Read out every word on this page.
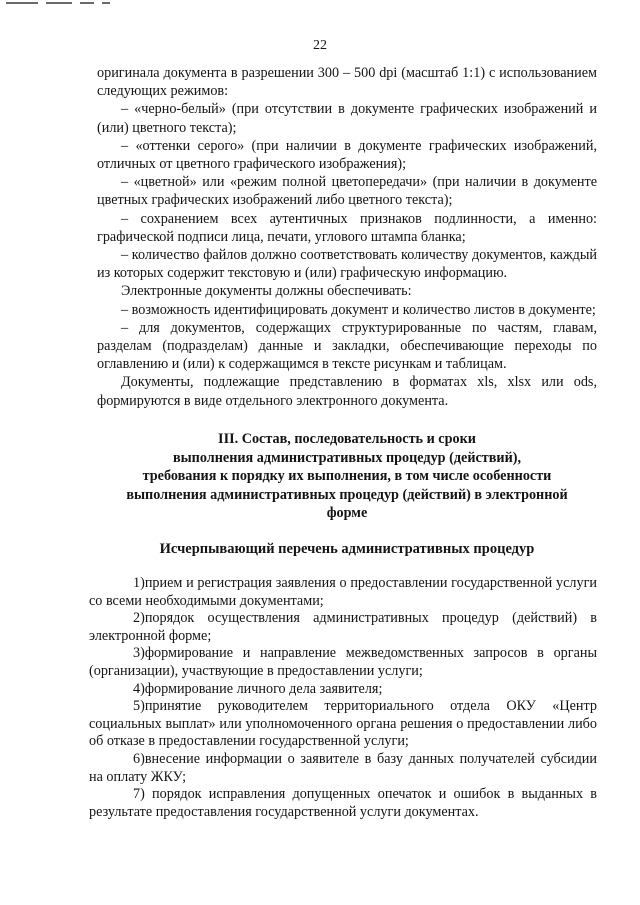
22

оригинала документа в разрешении 300 – 500 dpi (масштаб 1:1) с использованием следующих режимов:

– «черно-белый» (при отсутствии в документе графических изображений и (или) цветного текста);

– «оттенки серого» (при наличии в документе графических изображений, отличных от цветного графического изображения);

– «цветной» или «режим полной цветопередачи» (при наличии в документе цветных графических изображений либо цветного текста);

– сохранением всех аутентичных признаков подлинности, а именно: графической подписи лица, печати, углового штампа бланка;

– количество файлов должно соответствовать количеству документов, каждый из которых содержит текстовую и (или) графическую информацию.

Электронные документы должны обеспечивать:

– возможность идентифицировать документ и количество листов в документе;

– для документов, содержащих структурированные по частям, главам, разделам (подразделам) данные и закладки, обеспечивающие переходы по оглавлению и (или) к содержащимся в тексте рисункам и таблицам.

Документы, подлежащие представлению в форматах xls, xlsx или ods, формируются в виде отдельного электронного документа.

III. Состав, последовательность и сроки
выполнения административных процедур (действий),
требования к порядку их выполнения, в том числе особенности
выполнения административных процедур (действий) в электронной
форме
Исчерпывающий перечень административных процедур

1)прием и регистрация заявления о предоставлении государственной услуги со всеми необходимыми документами;

2)порядок осуществления административных процедур (действий) в электронной форме;

3)формирование и направление межведомственных запросов в органы (организации), участвующие в предоставлении услуги;

4)формирование личного дела заявителя;

5)принятие руководителем территориального отдела ОКУ «Центр социальных выплат» или уполномоченного органа решения о предоставлении либо об отказе в предоставлении государственной услуги;

6)внесение информации о заявителе в базу данных получателей субсидии на оплату ЖКУ;

7) порядок исправления допущенных опечаток и ошибок в выданных в результате предоставления государственной услуги документах.
